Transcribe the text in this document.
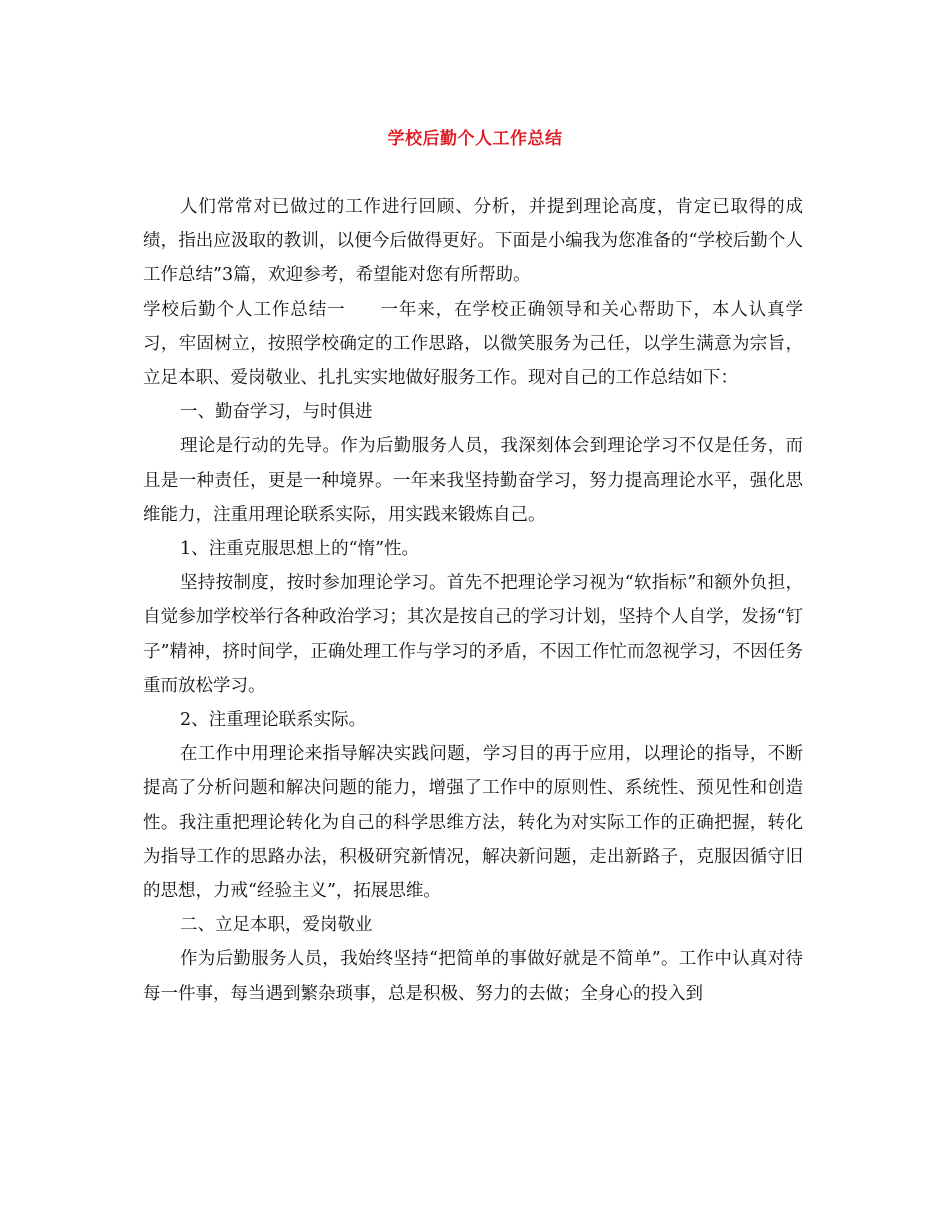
学校后勤个人工作总结

人们常常对已做过的工作进行回顾、分析，并提到理论高度，肯定已取得的成绩，指出应汲取的教训，以便今后做得更好。下面是小编我为您准备的“学校后勤个人工作总结”3篇，欢迎参考，希望能对您有所帮助。

学校后勤个人工作总结一 一年来，在学校正确领导和关心帮助下，本人认真学习，牢固树立，按照学校确定的工作思路，以微笑服务为己任，以学生满意为宗旨，立足本职、爱岗敬业、扎扎实实地做好服务工作。现对自己的工作总结如下：

一、勤奋学习，与时俱进

理论是行动的先导。作为后勤服务人员，我深刻体会到理论学习不仅是任务，而且是一种责任，更是一种境界。一年来我坚持勤奋学习，努力提高理论水平，强化思维能力，注重用理论联系实际，用实践来锻炼自己。

1、注重克服思想上的“惰”性。

坚持按制度，按时参加理论学习。首先不把理论学习视为“软指标”和额外负担，自觉参加学校举行各种政治学习；其次是按自己的学习计划，坚持个人自学，发扬“钉子”精神，挤时间学，正确处理工作与学习的矛盾，不因工作忙而忽视学习，不因任务重而放松学习。

2、注重理论联系实际。

在工作中用理论来指导解决实践问题，学习目的再于应用，以理论的指导，不断提高了分析问题和解决问题的能力，增强了工作中的原则性、系统性、预见性和创造性。我注重把理论转化为自己的科学思维方法，转化为对实际工作的正确把握，转化为指导工作的思路办法，积极研究新情况，解决新问题，走出新路子，克服因循守旧的思想，力戒“经验主义”，拓展思维。

二、立足本职，爱岗敬业

作为后勤服务人员，我始终坚持“把简单的事做好就是不简单”。工作中认真对待每一件事，每当遇到繁杂琐事，总是积极、努力的去做；全身心的投入到
